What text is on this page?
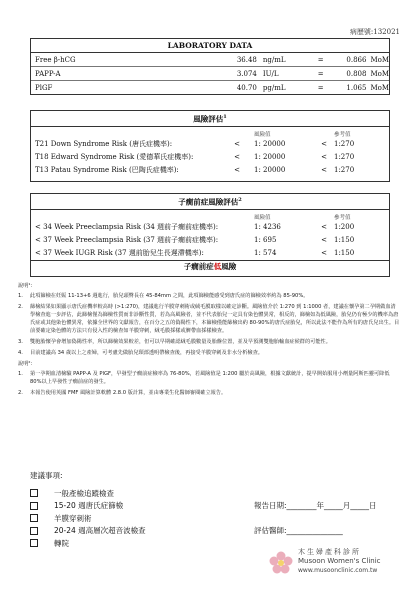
病歷號:132021
LABORATORY DATA
Free β-hCG	36.48 ng/mL	=	0.866 MoM
PAPP-A	3.074 IU/L	=	0.808 MoM
PlGF	40.70 pg/mL	=	1.065 MoM
風險評估$^1$
風險值	參考值
T21 Down Syndrome Risk (唐氏症機率):	<	1: 20000	<	1:270
T18 Edward Syndrome Risk (愛德華氏症機率):	<	1: 20000	<	1:270
T13 Patau Syndrome Risk (巴陶氏症機率):	<	1: 20000	<	1:270
子癇前症風險評估$^2$
風險值	參考值
< 34 Week Preeclampsia Risk (34 週前子癇前症機率):	1: 4236	<	1:200
< 37 Week Preeclampsia Risk (37 週前子癇前症機率):	1: 695	<	1:150
< 37 Week IUGR Risk (37 週前胎兒生長遲滯機率):	1: 574	<	1:150
子癇前症低風險

說明¹：

1.	此項篩檢在妊娠 11-13+6 週進行，胎兒頭臀長在 45-84mm 之間，此項篩檢能感受到唐氏症的篩檢效率約為 85-90%。
2.	篩檢結果如果顯示唐氏症機率較高時 (>1:270)，建議進行羊膜穿刺術或絨毛膜取樣以確定診斷。風險值介於 1:270 到 1:1000 者，建議在懷孕第二孕期做血清學檢查進一步評估，此篩檢僅為篩檢性質而非診斷性質，若為高風險者，並不代表胎兒一定具有染色體異常，相反的，篩檢如為低風險，胎兒仍有極少的機率為唐氏症或其他染色體異常，依據全世界的文獻報告，在百分之五的偽陽性下，本篩檢僅能篩檢出約 80-90%的唐氏症胎兒，所以此法不能作為所有的唐氏兒出生。目前要確定染色體的方法只有侵入性的檢查如羊膜穿刺，絨毛膜採樣或臍帶血採樣檢查。
3.	雙胞胎懷孕會增加偽陽性率，所以篩檢效果較差，但可以早期確認絨毛膜數量及胎盤位置，並及早預測雙胞胎輸血症候群的可能性。
4.	目前建議高 34 歲以上之產婦，可考慮先做胎兒頸部透明帶檢查後，再接受羊膜穿刺及非水分析檢查。

說明²：

1.	第一孕期血清檢驗 PAPP-A 及 PlGF，早發型子癇前症檢率為 76-80%，若風險值是 1:200 屬於高風險，根據文獻統計，提早開始服用小劑量阿斯匹靈可降低 80%以上早發性子癇前症的發生。
2.	本報告使用英國 FMF 風險計算軟體 2.8.0 版計算，並由專業生化醫師審閱確立報告。
建議事項:
一般產檢追蹤檢查
15-20 週唐氏症篩檢	報告日期:________年_____月_____日
羊膜穿刺術
20-24 週高層次超音波檢查	評估醫師:_______________
轉院
木生婦產科診所
Musoon Women's Clinic
www.musoonclinic.com.tw
